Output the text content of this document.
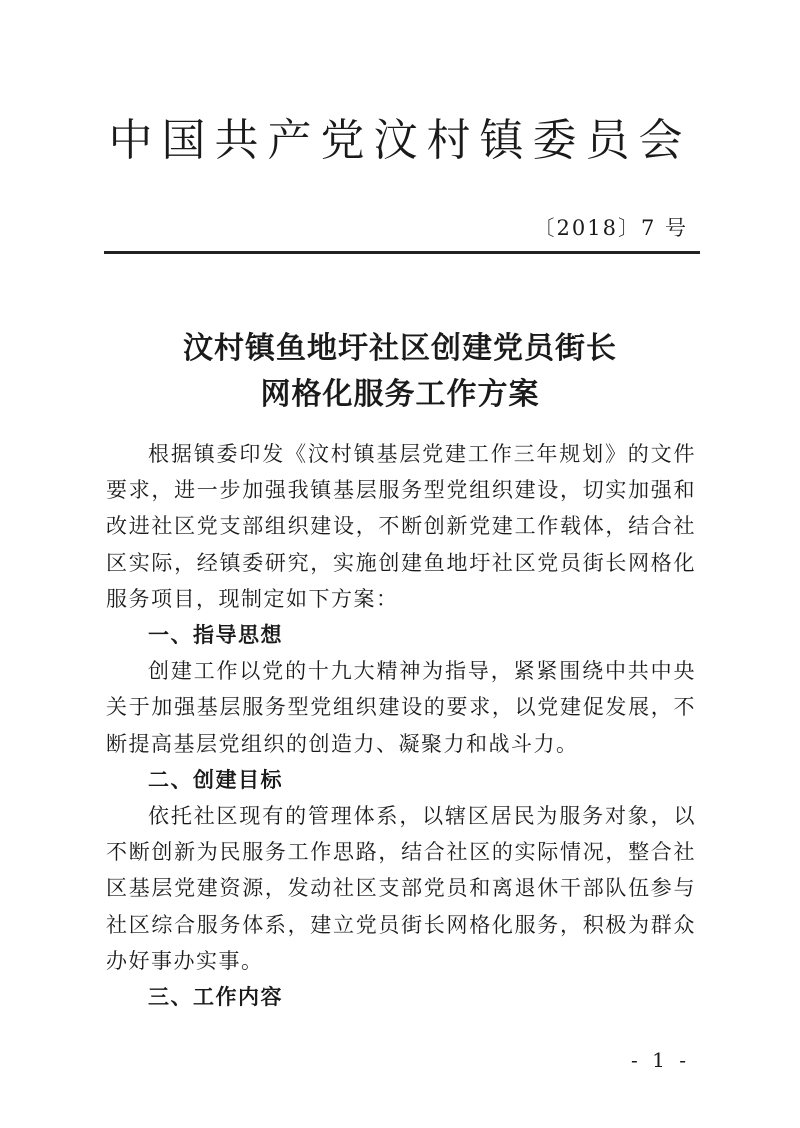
中国共产党汶村镇委员会
〔2018〕7 号
汶村镇鱼地圩社区创建党员街长
网格化服务工作方案

根据镇委印发《汶村镇基层党建工作三年规划》的文件要求，进一步加强我镇基层服务型党组织建设，切实加强和改进社区党支部组织建设，不断创新党建工作载体，结合社区实际，经镇委研究，实施创建鱼地圩社区党员街长网格化服务项目，现制定如下方案：

一、指导思想

创建工作以党的十九大精神为指导，紧紧围绕中共中央关于加强基层服务型党组织建设的要求，以党建促发展，不断提高基层党组织的创造力、凝聚力和战斗力。

二、创建目标

依托社区现有的管理体系，以辖区居民为服务对象，以不断创新为民服务工作思路，结合社区的实际情况，整合社区基层党建资源，发动社区支部党员和离退休干部队伍参与社区综合服务体系，建立党员街长网格化服务，积极为群众办好事办实事。

三、工作内容
- 1 -
